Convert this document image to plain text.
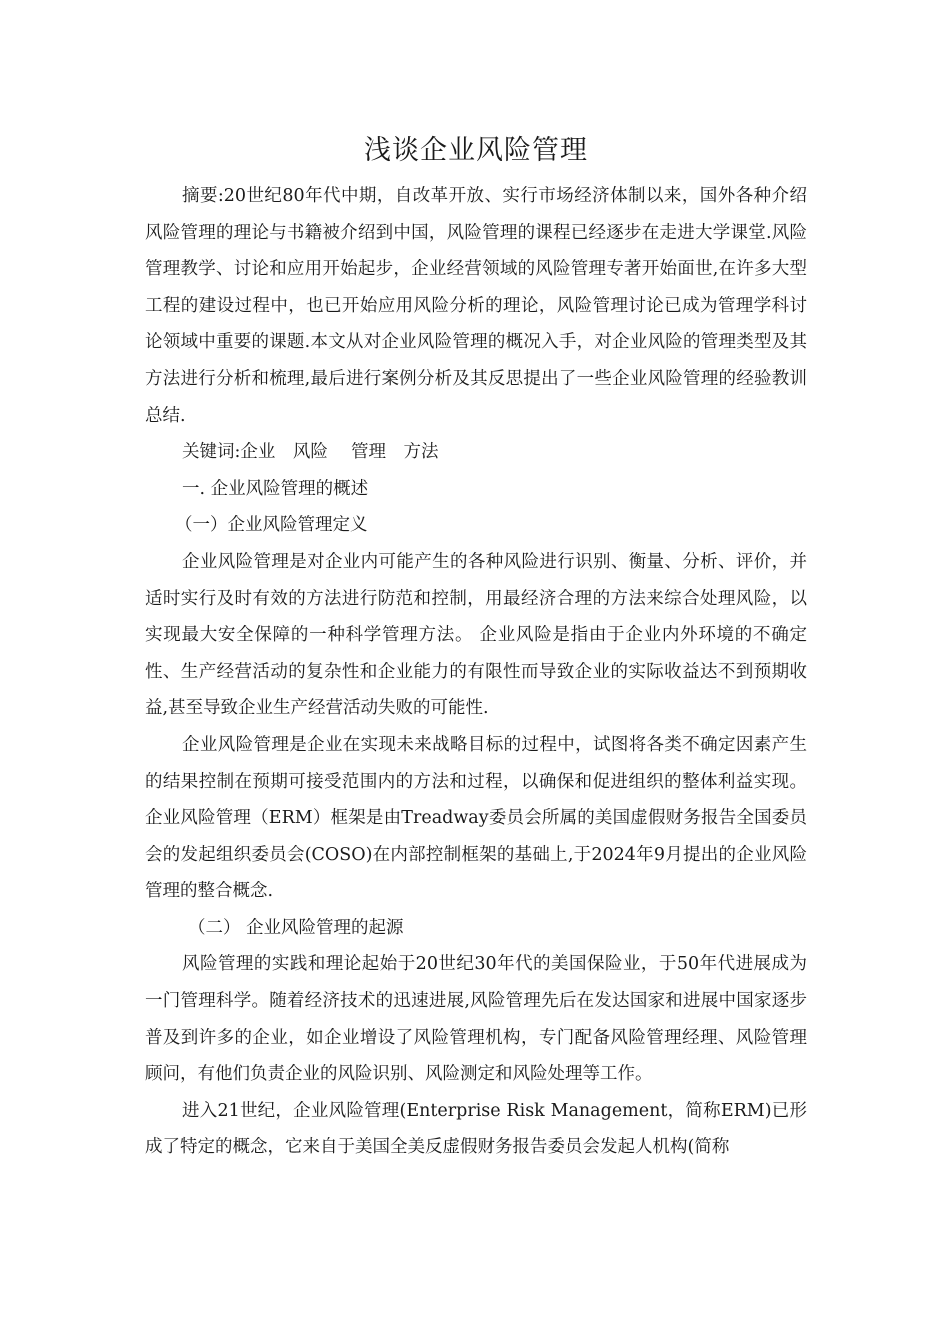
浅谈企业风险管理

摘要:20世纪80年代中期，自改革开放、实行市场经济体制以来，国外各种介绍风险管理的理论与书籍被介绍到中国，风险管理的课程已经逐步在走进大学课堂.风险管理教学、讨论和应用开始起步，企业经营领域的风险管理专著开始面世,在许多大型工程的建设过程中，也已开始应用风险分析的理论，风险管理讨论已成为管理学科讨论领域中重要的课题.本文从对企业风险管理的概况入手，对企业风险的管理类型及其方法进行分析和梳理,最后进行案例分析及其反思提出了一些企业风险管理的经验教训总结.

关键词:企业　风险　 管理　方法

一. 企业风险管理的概述

（一）企业风险管理定义

企业风险管理是对企业内可能产生的各种风险进行识别、衡量、分析、评价，并适时实行及时有效的方法进行防范和控制，用最经济合理的方法来综合处理风险，以实现最大安全保障的一种科学管理方法。 企业风险是指由于企业内外环境的不确定性、生产经营活动的复杂性和企业能力的有限性而导致企业的实际收益达不到预期收益,甚至导致企业生产经营活动失败的可能性.

企业风险管理是企业在实现未来战略目标的过程中，试图将各类不确定因素产生的结果控制在预期可接受范围内的方法和过程，以确保和促进组织的整体利益实现。企业风险管理（ERM）框架是由Treadway委员会所属的美国虚假财务报告全国委员会的发起组织委员会(COSO)在内部控制框架的基础上,于2024年9月提出的企业风险管理的整合概念.

（二） 企业风险管理的起源

风险管理的实践和理论起始于20世纪30年代的美国保险业，于50年代进展成为一门管理科学。随着经济技术的迅速进展,风险管理先后在发达国家和进展中国家逐步普及到许多的企业，如企业增设了风险管理机构，专门配备风险管理经理、风险管理顾问，有他们负责企业的风险识别、风险测定和风险处理等工作。

进入21世纪，企业风险管理(Enterprise Risk Management，简称ERM)已形成了特定的概念，它来自于美国全美反虚假财务报告委员会发起人机构(简称
